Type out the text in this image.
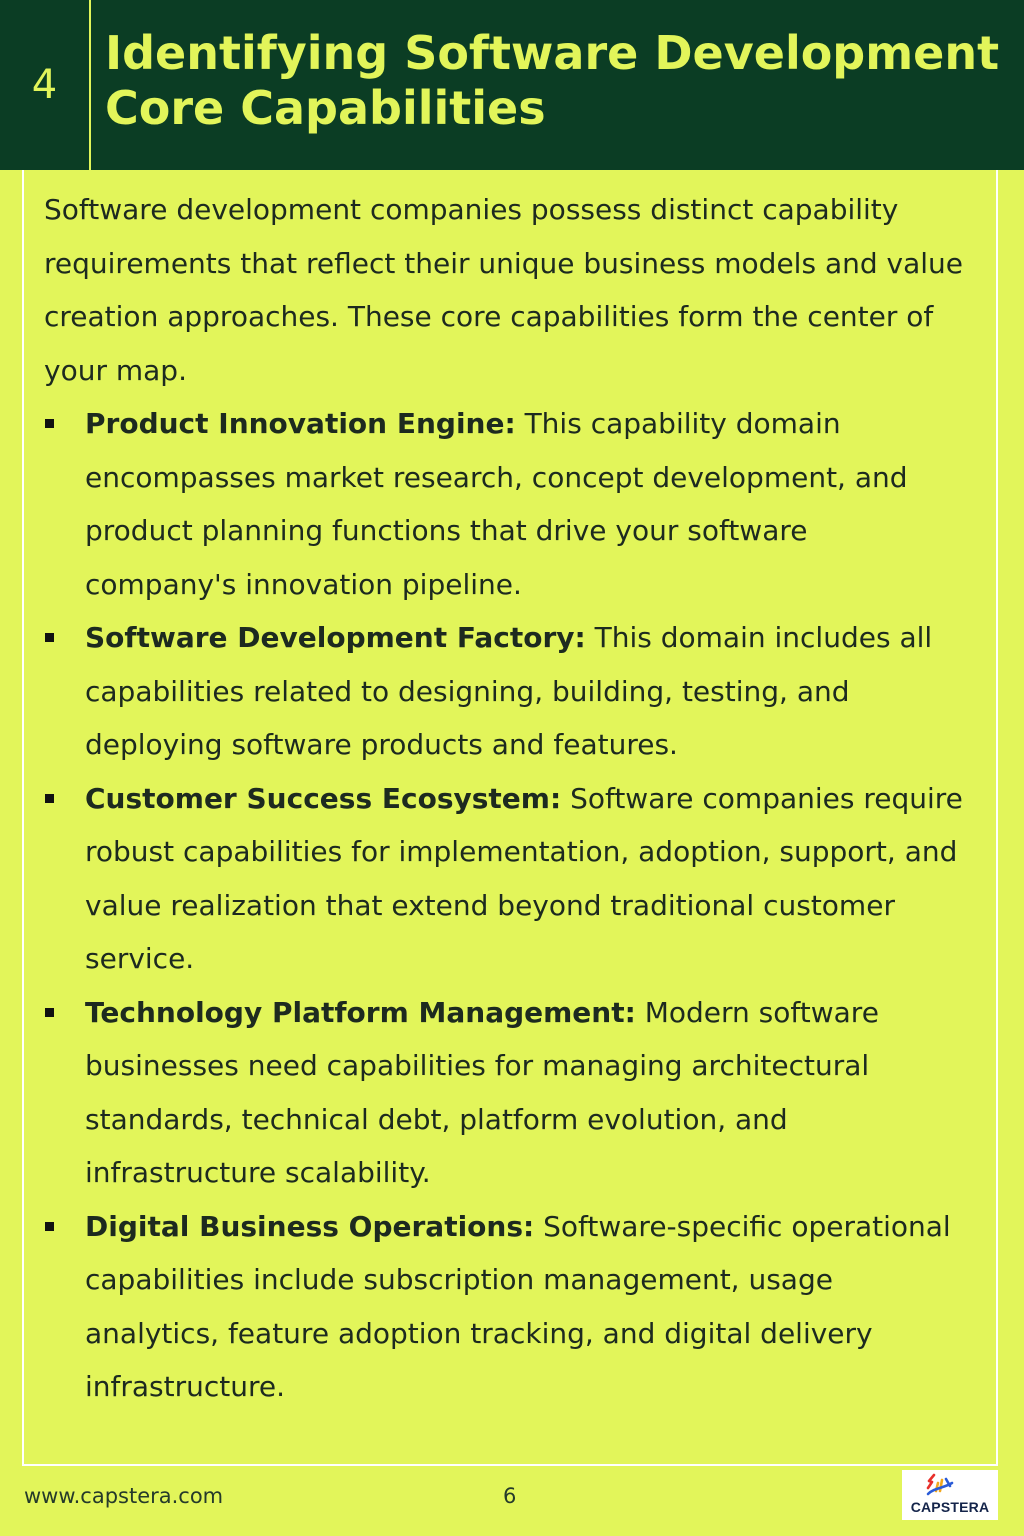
4
Identifying Software Development
Core Capabilities

Software development companies possess distinct capability requirements that reflect their unique business models and value creation approaches. These core capabilities form the center of your map.

Product Innovation Engine: This capability domain encompasses market research, concept development, and product planning functions that drive your software company's innovation pipeline.
Software Development Factory: This domain includes all capabilities related to designing, building, testing, and deploying software products and features.
Customer Success Ecosystem: Software companies require robust capabilities for implementation, adoption, support, and value realization that extend beyond traditional customer service.
Technology Platform Management: Modern software businesses need capabilities for managing architectural standards, technical debt, platform evolution, and infrastructure scalability.
Digital Business Operations: Software-specific operational capabilities include subscription management, usage analytics, feature adoption tracking, and digital delivery infrastructure.
www.capstera.com	6	CAPSTERA
